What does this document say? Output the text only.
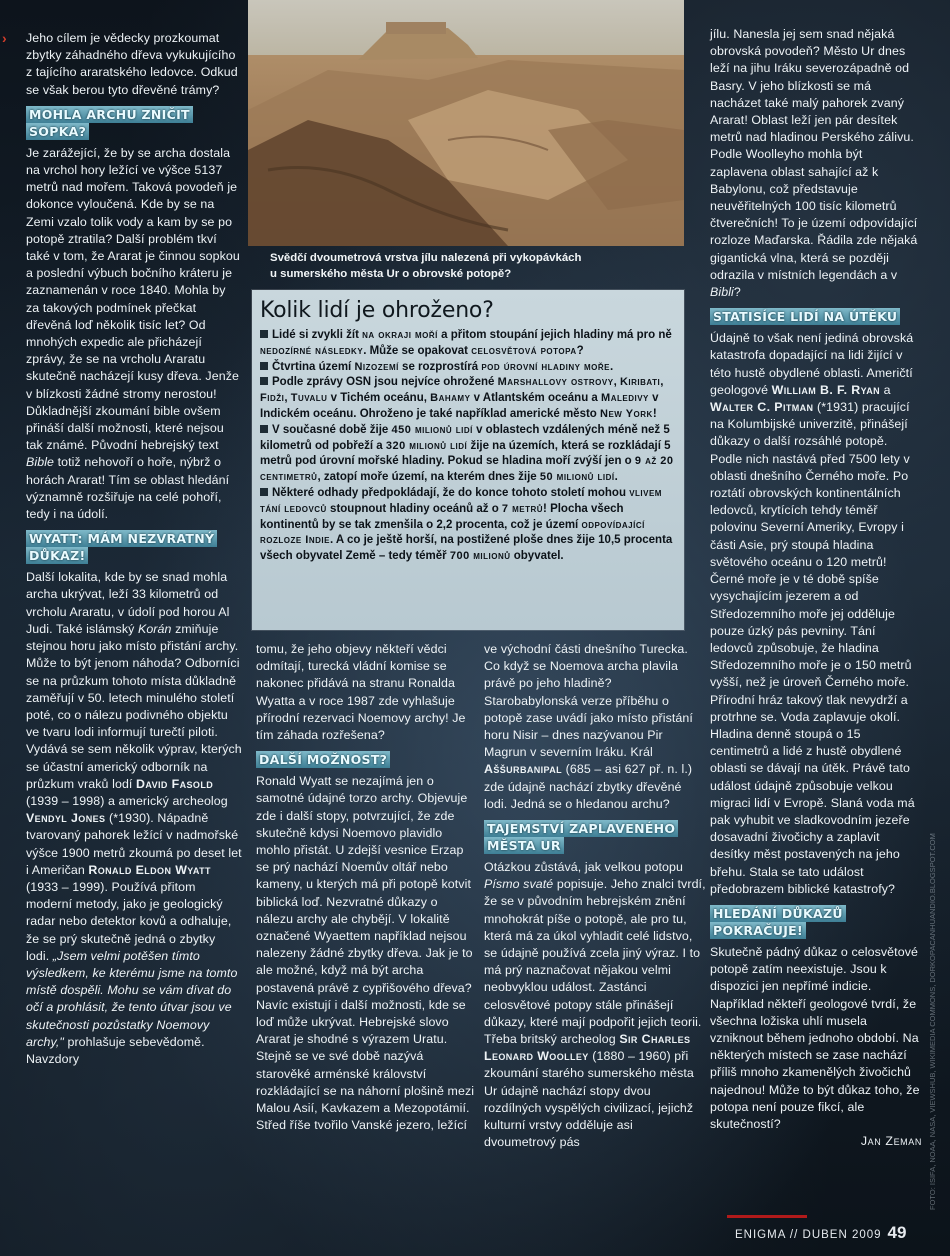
›
Svědčí dvoumetrová vrstva jílu nalezená při vykopávkách
u sumerského města Ur o obrovské potopě?

Jeho cílem je vědecky prozkoumat zbytky záhadného dřeva vykukujícího z tajícího araratského ledovce. Odkud se však berou tyto dřevěné trámy?

MOHLA ARCHU ZNIČIT
SOPKA?

Je zarážející, že by se archa dostala na vrchol hory ležící ve výšce 5137 metrů nad mořem. Taková povodeň je dokonce vyloučená. Kde by se na Zemi vzalo tolik vody a kam by se po potopě ztratila? Další problém tkví také v tom, že Ararat je činnou sopkou a poslední výbuch bočního kráteru je zaznamenán v roce 1840. Mohla by za takových podmínek přečkat dřevěná loď několik tisíc let? Od mnohých expedic ale přicházejí zprávy, že se na vrcholu Araratu skutečně nacházejí kusy dřeva. Jenže v blízkosti žádné stromy nerostou! Důkladnější zkoumání bible ovšem přináší další možnosti, které nejsou tak známé. Původní hebrejský text Bible totiž nehovoří o hoře, nýbrž o horách Ararat! Tím se oblast hledání významně rozšiřuje na celé pohoří, tedy i na údolí.

WYATT: MÁM NEZVRATNÝ
DŮKAZ!

Další lokalita, kde by se snad mohla archa ukrývat, leží 33 kilometrů od vrcholu Araratu, v údolí pod horou Al Judi. Také islámský Korán zmiňuje stejnou horu jako místo přistání archy. Může to být jenom náhoda? Odborníci se na průzkum tohoto místa důkladně zaměřují v 50. letech minulého století poté, co o nálezu podivného objektu ve tvaru lodi informují turečtí piloti. Vydává se sem několik výprav, kterých se účastní americký odborník na průzkum vraků lodí David Fasold (1939 – 1998) a americký archeolog Vendyl Jones (*1930). Nápadně tvarovaný pahorek ležící v nadmořské výšce 1900 metrů zkoumá po deset let i Američan Ronald Eldon Wyatt (1933 – 1999). Používá přitom moderní metody, jako je geologický radar nebo detektor kovů a odhaluje, že se prý skutečně jedná o zbytky lodi. „Jsem velmi potěšen tímto výsledkem, ke kterému jsme na tomto místě dospěli. Mohu se vám dívat do očí a prohlásit, že tento útvar jsou ve skutečnosti pozůstatky Noemovy archy," prohlašuje sebevědomě. Navzdory

Kolik lidí je ohroženo?

Lidé si zvykli žít na okraji moří a přitom stoupání jejich hladiny má pro ně nedozírné následky. Může se opakovat celosvětová potopa?

Čtvrtina území Nizozemí se rozprostírá pod úrovní hladiny moře.

Podle zprávy OSN jsou nejvíce ohrožené Marshallovy ostrovy, Kiribati, Fidži, Tuvalu v Tichém oceánu, Bahamy v Atlantském oceánu a Maledivy v Indickém oceánu. Ohroženo je také například americké město New York!

V současné době žije 450 milionů lidí v oblastech vzdálených méně než 5 kilometrů od pobřeží a 320 milionů lidí žije na územích, která se rozkládají 5 metrů pod úrovní mořské hladiny. Pokud se hladina moří zvýší jen o 9 až 20 centimetrů, zatopí moře území, na kterém dnes žije 50 milionů lidí.

Některé odhady předpokládají, že do konce tohoto století mohou vlivem tání ledovců stoupnout hladiny oceánů až o 7 metrů! Plocha všech kontinentů by se tak zmenšila o 2,2 procenta, což je území odpovídající rozloze Indie. A co je ještě horší, na postižené ploše dnes žije 10,5 procenta všech obyvatel Země – tedy téměř 700 milionů obyvatel.

tomu, že jeho objevy někteří vědci odmítají, turecká vládní komise se nakonec přidává na stranu Ronalda Wyatta a v roce 1987 zde vyhlašuje přírodní rezervaci Noemovy archy! Je tím záhada rozřešena?

DALŠÍ MOŽNOST?

Ronald Wyatt se nezajímá jen o samotné údajné torzo archy. Objevuje zde i další stopy, potvrzující, že zde skutečně kdysi Noemovo plavidlo mohlo přistát. U zdejší vesnice Erzap se prý nachází Noemův oltář nebo kameny, u kterých má při potopě kotvit biblická loď. Nezvratné důkazy o nálezu archy ale chybějí. V lokalitě označené Wyaettem například nejsou nalezeny žádné zbytky dřeva. Jak je to ale možné, když má být archa postavená právě z cypřišového dřeva? Navíc existují i další možnosti, kde se loď může ukrývat. Hebrejské slovo Ararat je shodné s výrazem Uratu. Stejně se ve své době nazývá starověké arménské království rozkládající se na náhorní plošině mezi Malou Asií, Kavkazem a Mezopotámií. Střed říše tvořilo Vanské jezero, ležící

ve východní části dnešního Turecka. Co když se Noemova archa plavila právě po jeho hladině? Starobabylonská verze příběhu o potopě zase uvádí jako místo přistání horu Nisir – dnes nazývanou Pir Magrun v severním Iráku. Král Aššurbanipal (685 – asi 627 př. n. l.) zde údajně nachází zbytky dřevěné lodi. Jedná se o hledanou archu?

TAJEMSTVÍ ZAPLAVENÉHO
MĚSTA UR

Otázkou zůstává, jak velkou potopu Písmo svaté popisuje. Jeho znalci tvrdí, že se v původním hebrejském znění mnohokrát píše o potopě, ale pro tu, která má za úkol vyhladit celé lidstvo, se údajně používá zcela jiný výraz. I to má prý naznačovat nějakou velmi neobvyklou událost. Zastánci celosvětové potopy stále přinášejí důkazy, které mají podpořit jejich teorii. Třeba britský archeolog Sir Charles Leonard Woolley (1880 – 1960) při zkoumání starého sumerského města Ur údajně nachází stopy dvou rozdílných vyspělých civilizací, jejichž kulturní vrstvy odděluje asi dvoumetrový pás

jílu. Nanesla jej sem snad nějaká obrovská povodeň? Město Ur dnes leží na jihu Iráku severozápadně od Basry. V jeho blízkosti se má nacházet také malý pahorek zvaný Ararat! Oblast leží jen pár desítek metrů nad hladinou Perského zálivu. Podle Woolleyho mohla být zaplavena oblast sahající až k Babylonu, což představuje neuvěřitelných 100 tisíc kilometrů čtverečních! To je území odpovídající rozloze Maďarska. Řádila zde nějaká gigantická vlna, která se později odrazila v místních legendách a v Bibli?

STATISÍCE LIDÍ NA ÚTĚKU

Údajně to však není jediná obrovská katastrofa dopadající na lidi žijící v této hustě obydlené oblasti. Američtí geologové William B. F. Ryan a Walter C. Pitman (*1931) pracující na Kolumbijské univerzitě, přinášejí důkazy o další rozsáhlé potopě. Podle nich nastává před 7500 lety v oblasti dnešního Černého moře. Po roztátí obrovských kontinentálních ledovců, krytících tehdy téměř polovinu Severní Ameriky, Evropy i části Asie, prý stoupá hladina světového oceánu o 120 metrů! Černé moře je v té době spíše vysychajícím jezerem a od Středozemního moře jej odděluje pouze úzký pás pevniny. Tání ledovců způsobuje, že hladina Středozemního moře je o 150 metrů vyšší, než je úroveň Černého moře. Přírodní hráz takový tlak nevydrží a protrhne se. Voda zaplavuje okolí. Hladina denně stoupá o 15 centimetrů a lidé z hustě obydlené oblasti se dávají na útěk. Právě tato událost údajně způsobuje velkou migraci lidí v Evropě. Slaná voda má pak vyhubit ve sladkovodním jezeře dosavadní živočichy a zaplavit desítky měst postavených na jeho břehu. Stala se tato událost předobrazem biblické katastrofy?

HLEDÁNÍ DŮKAZŮ
POKRAČUJE!

Skutečně pádný důkaz o celosvětové potopě zatím neexistuje. Jsou k dispozici jen nepřímé indicie. Například někteří geologové tvrdí, že všechna ložiska uhlí musela vzniknout během jednoho období. Na některých místech se zase nachází příliš mnoho zkamenělých živočichů najednou! Může to být důkaz toho, že potopa není pouze fikcí, ale skutečností?

Jan Zeman FOTO: ISIFA, NOAA, NASA, VIEWSHUB, WIKIMEDIA COMMONS, DORKOPACANHUANDIO.BLOGSPOT.COM
ENIGMA // DUBEN 2009 49
